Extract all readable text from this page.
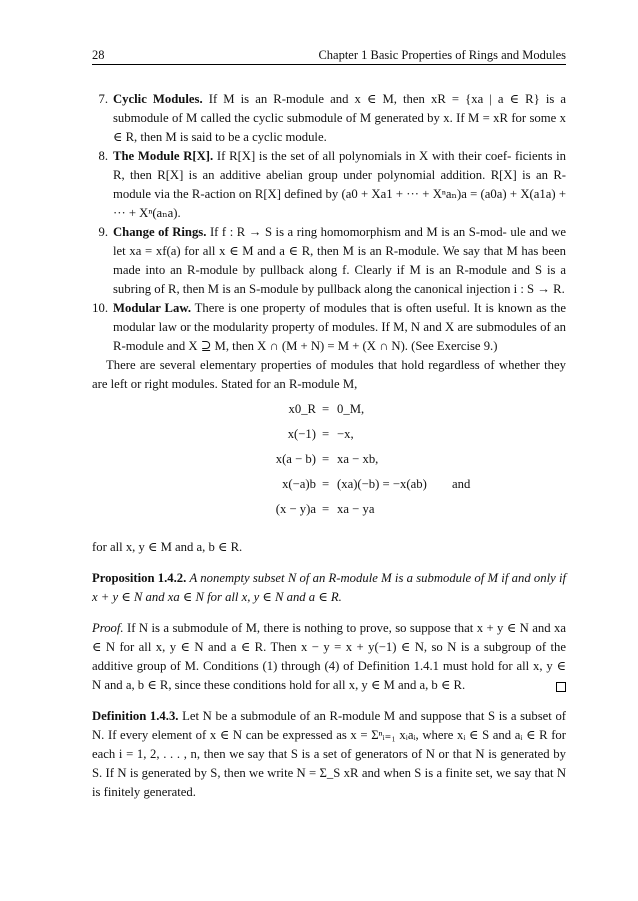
28	Chapter 1 Basic Properties of Rings and Modules
7. Cyclic Modules. If M is an R-module and x ∈ M, then xR = {xa | a ∈ R} is a submodule of M called the cyclic submodule of M generated by x. If M = xR for some x ∈ R, then M is said to be a cyclic module.
8. The Module R[X]. If R[X] is the set of all polynomials in X with their coef- ficients in R, then R[X] is an additive abelian group under polynomial addition. R[X] is an R-module via the R-action on R[X] defined by (a0 + Xa1 + ··· + Xⁿaₙ)a = (a0a) + X(a1a) + ··· + Xⁿ(aₙa).
9. Change of Rings. If f : R → S is a ring homomorphism and M is an S-mod- ule and we let xa = xf(a) for all x ∈ M and a ∈ R, then M is an R-module. We say that M has been made into an R-module by pullback along f. Clearly if M is an R-module and S is a subring of R, then M is an S-module by pullback along the canonical injection i : S → R.
10. Modular Law. There is one property of modules that is often useful. It is known as the modular law or the modularity property of modules. If M, N and X are submodules of an R-module and X ⊇ M, then X ∩ (M + N) = M + (X ∩ N). (See Exercise 9.)

There are several elementary properties of modules that hold regardless of whether they are left or right modules. Stated for an R-module M,

x0_R = 0_M,
x(−1) = −x,
x(a − b) = xa − xb,
x(−a)b = (xa)(−b) = −x(ab) and
(x − y)a = xa − ya

for all x, y ∈ M and a, b ∈ R.

Proposition 1.4.2. A nonempty subset N of an R-module M is a submodule of M if and only if x + y ∈ N and xa ∈ N for all x, y ∈ N and a ∈ R.

Proof. If N is a submodule of M, there is nothing to prove, so suppose that x + y ∈ N and xa ∈ N for all x, y ∈ N and a ∈ R. Then x − y = x + y(−1) ∈ N, so N is a subgroup of the additive group of M. Conditions (1) through (4) of Definition 1.4.1 must hold for all x, y ∈ N and a, b ∈ R, since these conditions hold for all x, y ∈ M and a, b ∈ R.

Definition 1.4.3. Let N be a submodule of an R-module M and suppose that S is a subset of N. If every element of x ∈ N can be expressed as x = Σⁿᵢ₌₁ xᵢaᵢ, where xᵢ ∈ S and aᵢ ∈ R for each i = 1, 2, . . . , n, then we say that S is a set of generators of N or that N is generated by S. If N is generated by S, then we write N = Σ_S xR and when S is a finite set, we say that N is finitely generated.
